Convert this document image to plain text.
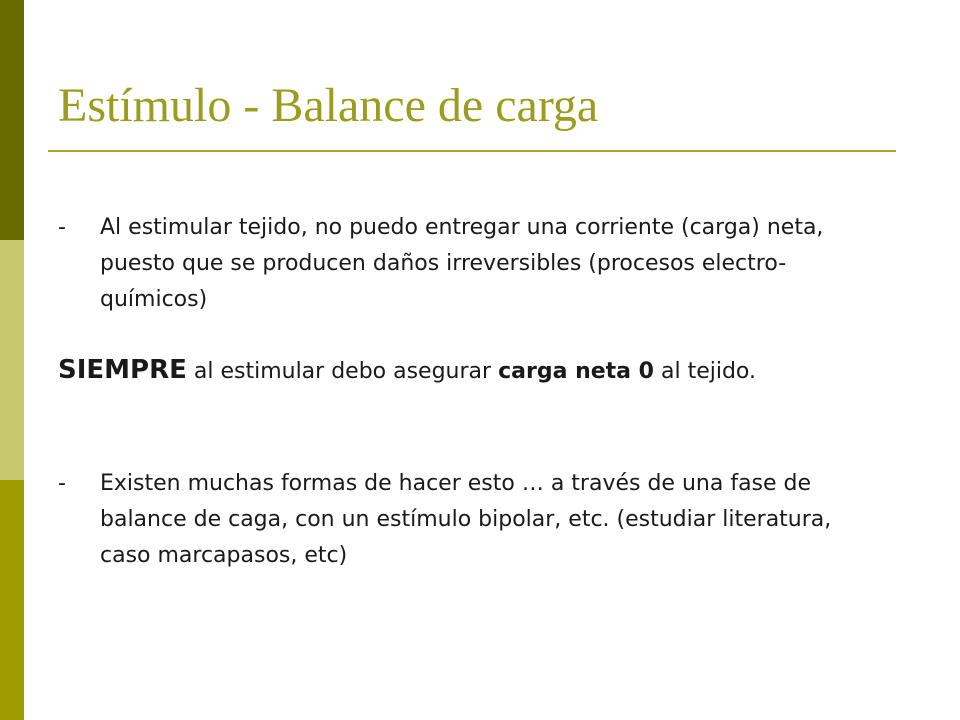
Estímulo - Balance de carga
-	Al estimular tejido, no puedo entregar una corriente (carga) neta, puesto que se producen daños irreversibles (procesos electro-químicos)
SIEMPRE al estimular debo asegurar carga neta 0 al tejido.
-	Existen muchas formas de hacer esto … a través de una fase de balance de caga, con un estímulo bipolar, etc. (estudiar literatura, caso marcapasos, etc)
